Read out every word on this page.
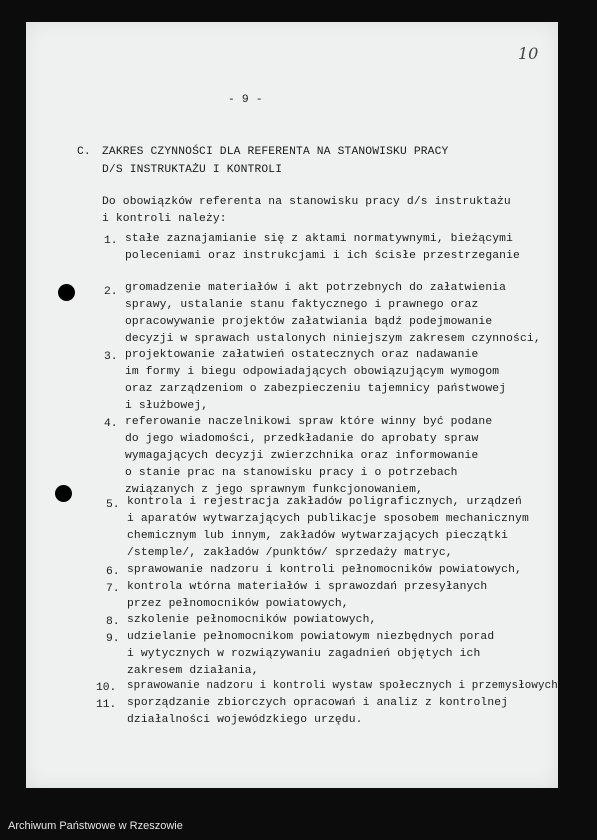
10
- 9 -
C. ZAKRES CZYNNOŚCI DLA REFERENTA NA STANOWISKU PRACY
D/S INSTRUKTAŻU I KONTROLI
Do obowiązków referenta na stanowisku pracy d/s instruktażu
i kontroli należy:
1. stałe zaznajamianie się z aktami normatywnymi, bieżącymi
poleceniami oraz instrukcjami i ich ścisłe przestrzeganie
2. gromadzenie materiałów i akt potrzebnych do załatwienia
sprawy, ustalanie stanu faktycznego i prawnego oraz
opracowywanie projektów załatwiania bądź podejmowanie
decyzji w sprawach ustalonych niniejszym zakresem czynności,
3. projektowanie załatwień ostatecznych oraz nadawanie
im formy i biegu odpowiadających obowiązującym wymogom
oraz zarządzeniom o zabezpieczeniu tajemnicy państwowej
i służbowej,
4. referowanie naczelnikowi spraw które winny być podane
do jego wiadomości, przedkładanie do aprobaty spraw
wymagających decyzji zwierzchnika oraz informowanie
o stanie prac na stanowisku pracy i o potrzebach
związanych z jego sprawnym funkcjonowaniem,
5. kontrola i rejestracja zakładów poligraficznych, urządzeń
i aparatów wytwarzających publikacje sposobem mechanicznym
chemicznym lub innym, zakładów wytwarzających pieczątki
/stemple/, zakładów /punktów/ sprzedaży matryc,
6. sprawowanie nadzoru i kontroli pełnomocników powiatowych,
7. kontrola wtórna materiałów i sprawozdań przesyłanych
przez pełnomocników powiatowych,
8. szkolenie pełnomocników powiatowych,
9. udzielanie pełnomocnikom powiatowym niezbędnych porad
i wytycznych w rozwiązywaniu zagadnień objętych ich
zakresem działania,
10. sprawowanie nadzoru i kontroli wystaw społecznych i przemysłowych
11. sporządzanie zbiorczych opracowań i analiz z kontrolnej
działalności wojewódzkiego urzędu.
Archiwum Państwowe w Rzeszowie
